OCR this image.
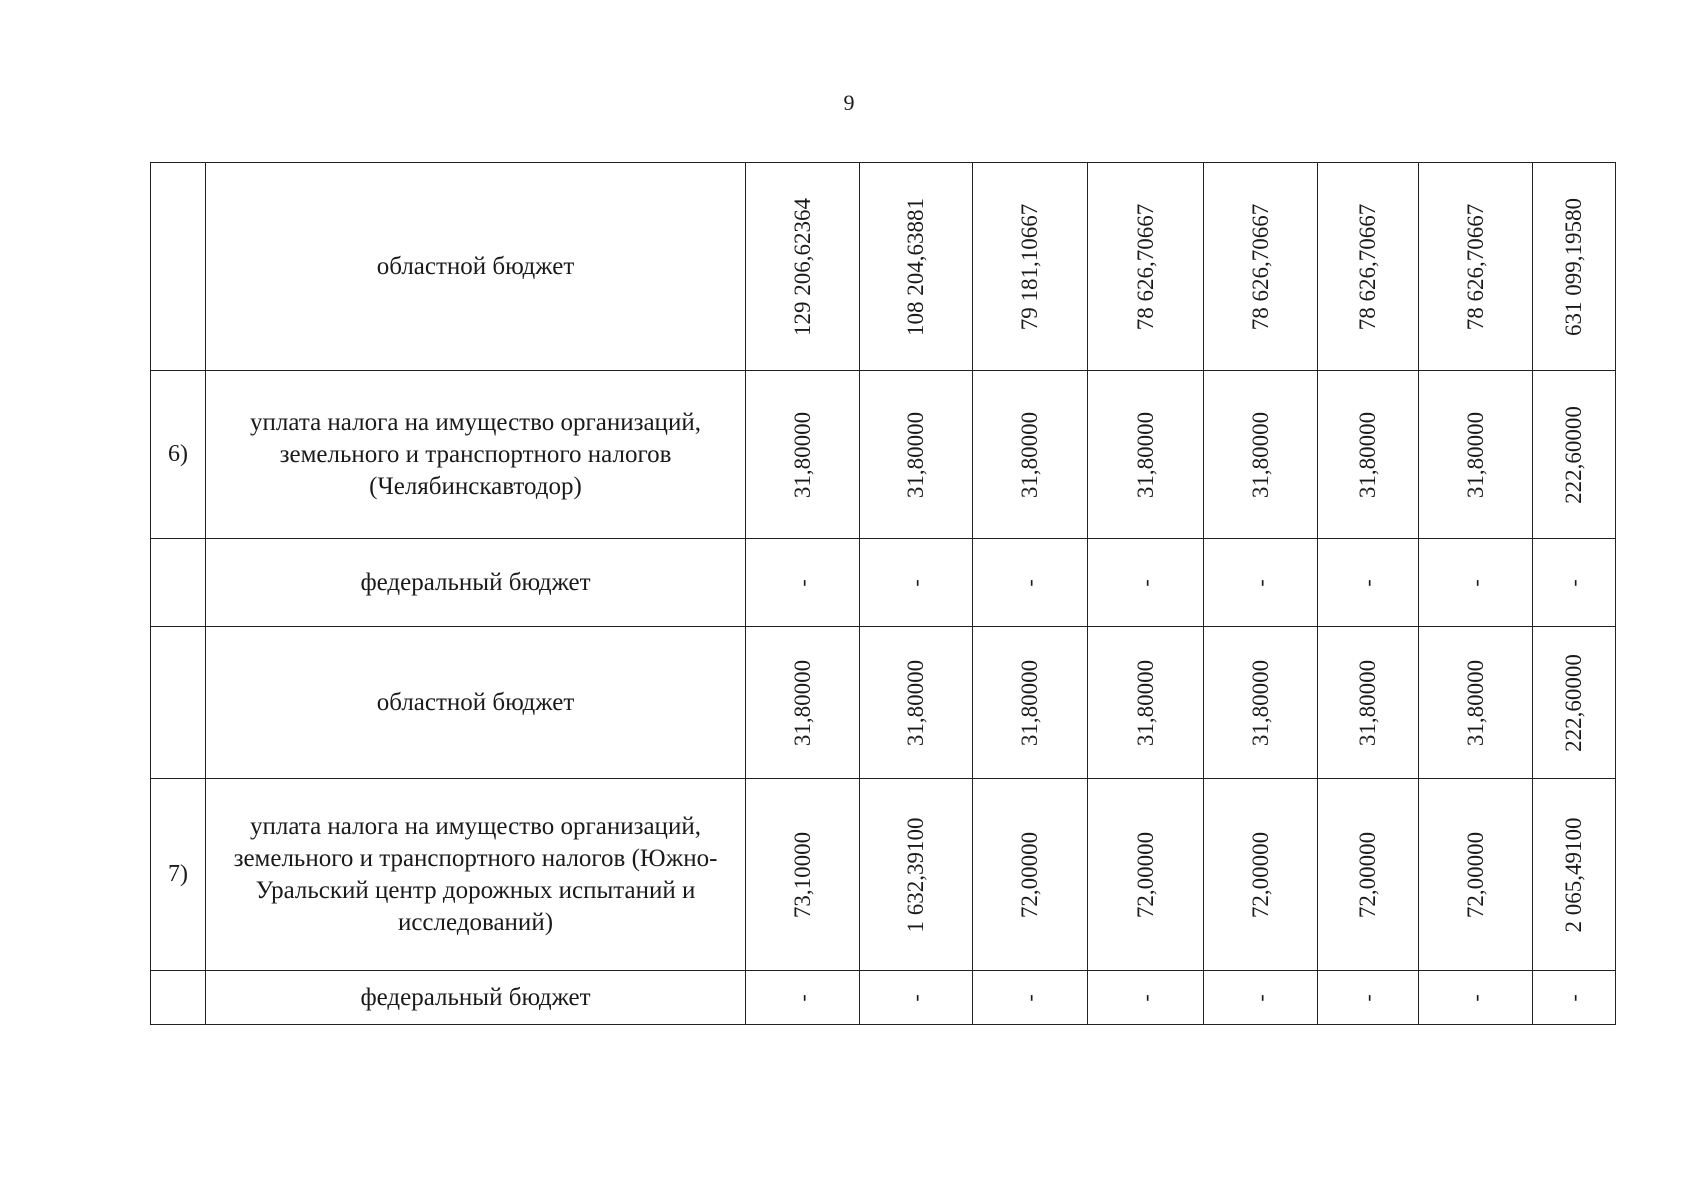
9
	областной бюджет	129 206,62364	108 204,63881	79 181,10667	78 626,70667	78 626,70667	78 626,70667	78 626,70667	631 099,19580

6)	уплата налога на имущество организаций, земельного и транспортного налогов (Челябинскавтодор)	31,80000	31,80000	31,80000	31,80000	31,80000	31,80000	31,80000	222,60000

	федеральный бюджет	-	-	-	-	-	-	-	-

	областной бюджет	31,80000	31,80000	31,80000	31,80000	31,80000	31,80000	31,80000	222,60000

7)	уплата налога на имущество организаций, земельного и транспортного налогов (Южно-Уральский центр дорожных испытаний и исследований)	73,10000	1 632,39100	72,00000	72,00000	72,00000	72,00000	72,00000	2 065,49100

	федеральный бюджет	-	-	-	-	-	-	-	-
